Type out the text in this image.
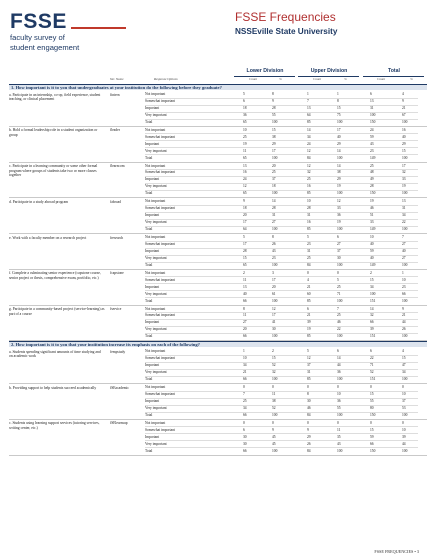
FSSE
faculty survey of
student engagement
FSSE Frequencies
NSSEville State University
Lower Division	Upper Division	Total
Var. Name	Response Options	Count	%	Count	%	Count	%
1. How important is it to you that undergraduates at your institution do the following before they graduate?
a. Participate in an internship, co-op, field experience, student teaching, or clinical placement
fintern	Not important	5	8	1	1	6	4
Somewhat important	6	9	7	8	13	9
Important	18	28	13	15	31	21
Very important	36	55	64	75	100	67
Total	65	100	85	100	150	100
b. Hold a formal leadership role in a student organization or group
fleader	Not important	10	15	14	17	24	16
Somewhat important	25	38	34	40	59	40
Important	19	29	24	29	43	29
Very important	11	17	12	14	23	15
Total	65	100	84	100	149	100
c. Participate in a learning community or some other formal program where groups of students take two or more classes together
flearncom	Not important	13	20	12	14	25	17
Somewhat important	16	25	32	38	48	32
Important	24	37	25	29	49	33
Very important	12	18	16	19	28	19
Total	65	100	85	100	150	100
d. Participate in a study abroad program	fabroad	Not important	9	14	10	12	19	13
Somewhat important	18	28	28	33	46	31
Important	20	31	31	36	51	34
Very important	17	27	16	19	33	22
Total	64	100	85	100	149	100
e. Work with a faculty member on a research project	fresearch	Not important	5	8	5	6	10	7
Somewhat important	17	26	23	27	40	27
Important	28	43	31	37	59	40
Very important	15	23	25	30	40	27
Total	65	100	84	100	149	100
f. Complete a culminating senior experience (capstone course, senior project or thesis, comprehensive exam, portfolio, etc.)
fcapstone	Not important	2	3	0	0	2	1
Somewhat important	11	17	4	5	15	10
Important	13	20	21	25	34	23
Very important	40	61	60	71	100	66
Total	66	100	85	100	151	100
g. Participate in a community-based project (service-learning) as part of a course
fservice	Not important	8	12	6	7	14	9
Somewhat important	11	17	21	25	32	21
Important	27	41	39	46	66	44
Very important	20	30	19	22	39	26
Total	66	100	85	100	151	100
2. How important is it to you that your institution increase its emphasis on each of the following?
a. Students spending significant amounts of time studying and on academic work
fempstudy	Not important	1	2	5	6	6	4
Somewhat important	10	15	12	14	22	15
Important	34	52	37	44	71	47
Very important	21	32	31	36	52	34
Total	66	100	85	100	151	100
b. Providing support to help students succeed academically	fSEacademic	Not important	0	0	0	0	0	0
Somewhat important	7	11	8	10	15	10
Important	25	38	30	36	55	37
Very important	34	52	46	55	80	53
Total	66	100	84	100	150	100
c. Students using learning support services (tutoring services, writing center, etc.)
fSElearnsup	Not important	0	0	0	0	0	0
Somewhat important	6	9	9	11	15	10
Important	30	45	29	35	59	39
Very important	30	45	26	43	66	44
Total	66	100	84	100	150	100
FSSE FREQUENCIES • 3
